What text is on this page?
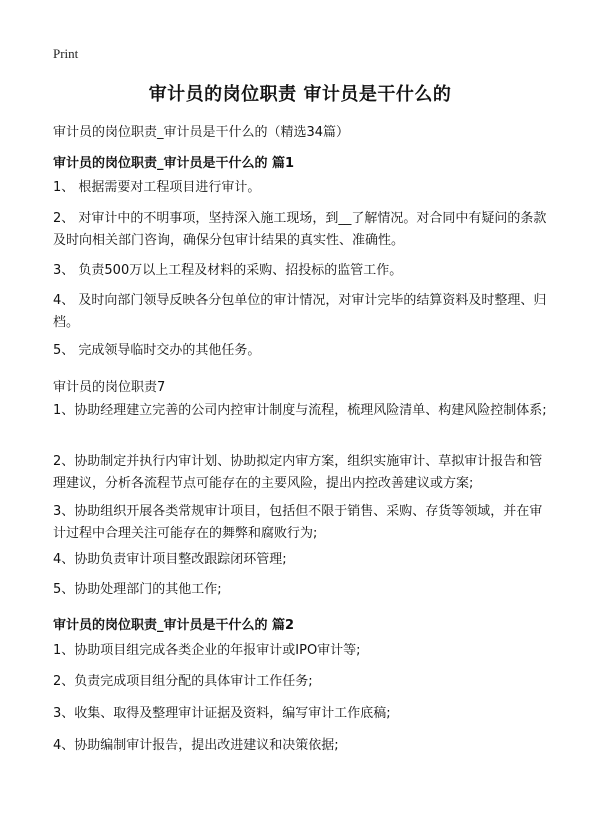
Print
审计员的岗位职责 审计员是干什么的
审计员的岗位职责_审计员是干什么的（精选34篇）
审计员的岗位职责_审计员是干什么的 篇1
1、 根据需要对工程项目进行审计。
2、 对审计中的不明事项，坚持深入施工现场，到__了解情况。对合同中有疑问的条款及时向相关部门咨询，确保分包审计结果的真实性、准确性。
3、 负责500万以上工程及材料的采购、招投标的监管工作。
4、 及时向部门领导反映各分包单位的审计情况，对审计完毕的结算资料及时整理、归档。
5、 完成领导临时交办的其他任务。
审计员的岗位职责7
1、协助经理建立完善的公司内控审计制度与流程，梳理风险清单、构建风险控制体系;
2、协助制定并执行内审计划、协助拟定内审方案，组织实施审计、草拟审计报告和管理建议，分析各流程节点可能存在的主要风险，提出内控改善建议或方案;
3、协助组织开展各类常规审计项目，包括但不限于销售、采购、存货等领域，并在审计过程中合理关注可能存在的舞弊和腐败行为;
4、协助负责审计项目整改跟踪闭环管理;
5、协助处理部门的其他工作;
审计员的岗位职责_审计员是干什么的 篇2
1、协助项目组完成各类企业的年报审计或IPO审计等;
2、负责完成项目组分配的具体审计工作任务;
3、收集、取得及整理审计证据及资料，编写审计工作底稿;
4、协助编制审计报告，提出改进建议和决策依据;
